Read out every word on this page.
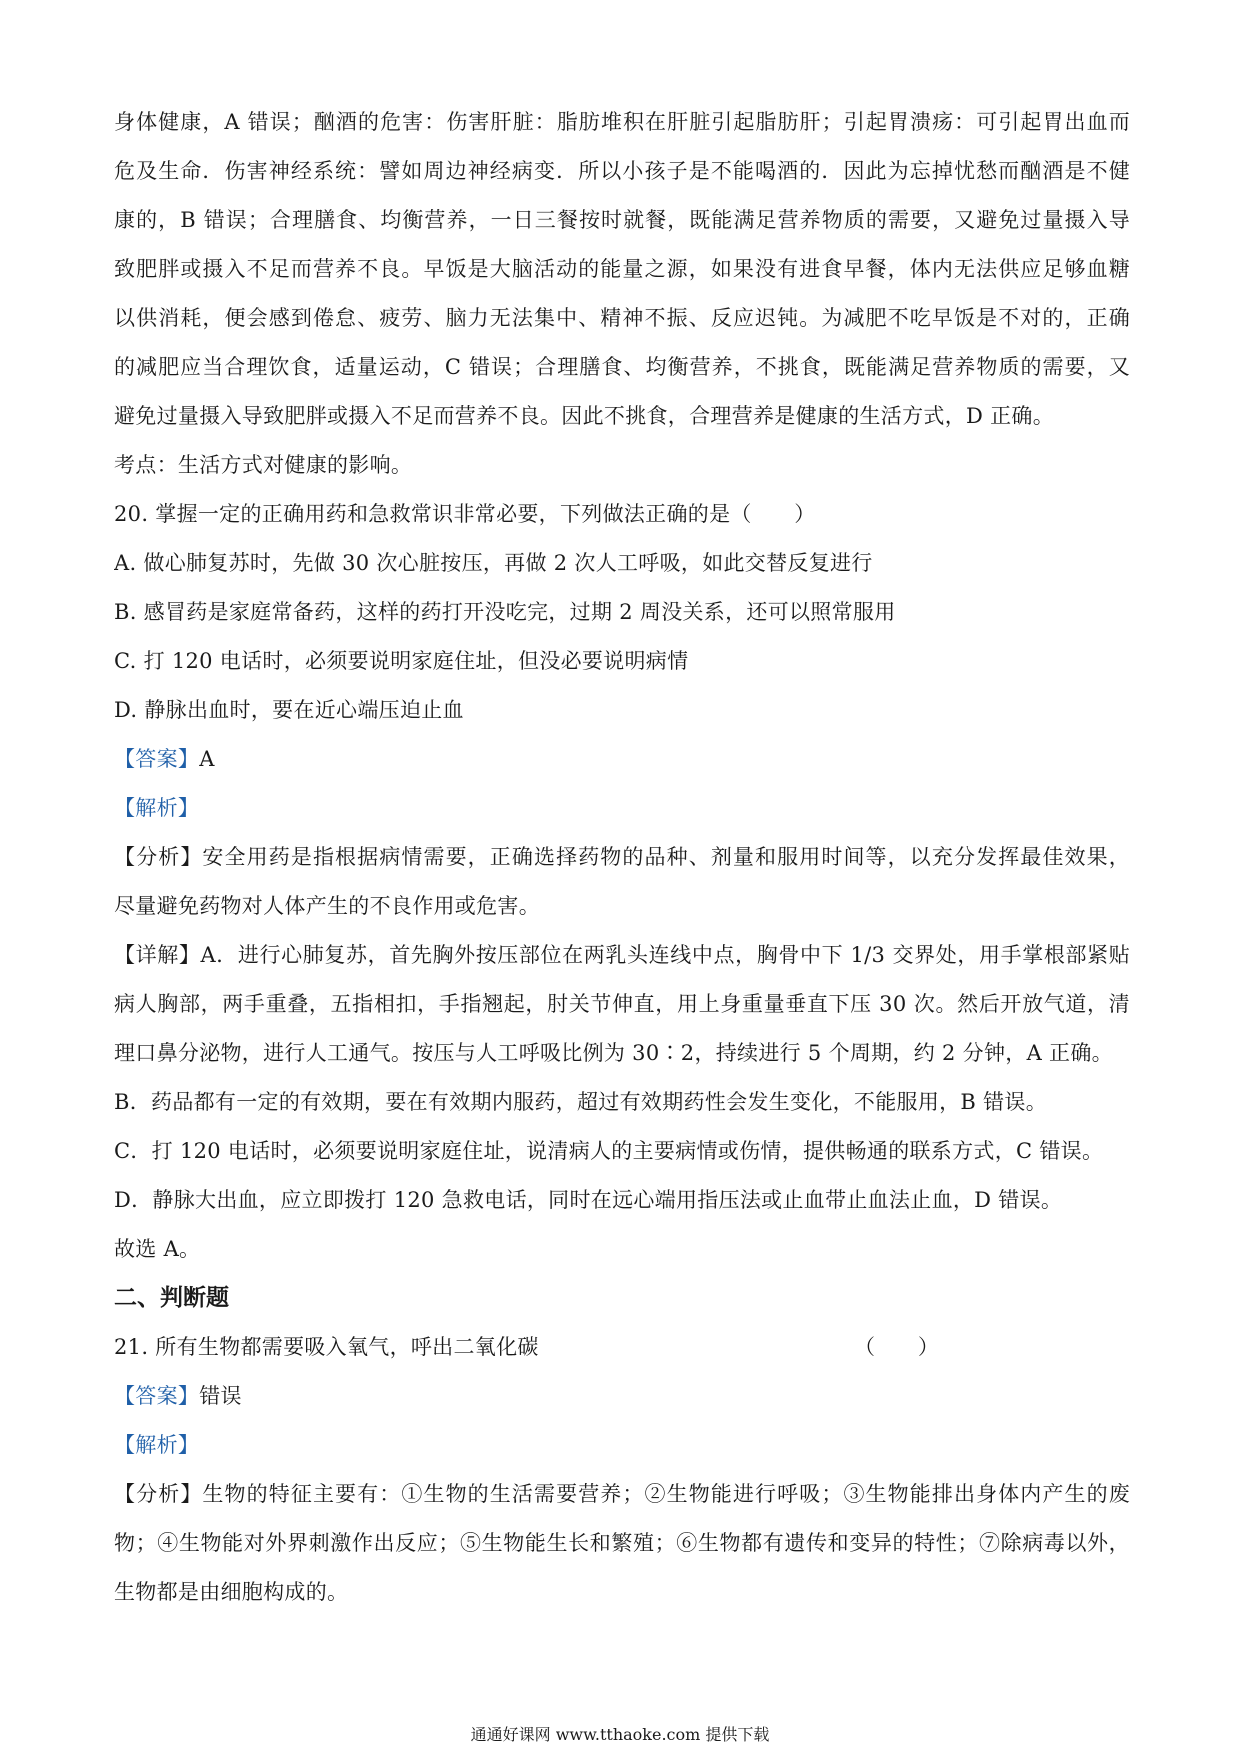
身体健康，A 错误；酗酒的危害：伤害肝脏：脂肪堆积在肝脏引起脂肪肝；引起胃溃疡：可引起胃出血而
危及生命．伤害神经系统：譬如周边神经病变．所以小孩子是不能喝酒的．因此为忘掉忧愁而酗酒是不健
康的，B 错误；合理膳食、均衡营养，一日三餐按时就餐，既能满足营养物质的需要，又避免过量摄入导
致肥胖或摄入不足而营养不良。早饭是大脑活动的能量之源，如果没有进食早餐，体内无法供应足够血糖
以供消耗，便会感到倦怠、疲劳、脑力无法集中、精神不振、反应迟钝。为减肥不吃早饭是不对的，正确
的减肥应当合理饮食，适量运动，C 错误；合理膳食、均衡营养，不挑食，既能满足营养物质的需要，又
避免过量摄入导致肥胖或摄入不足而营养不良。因此不挑食，合理营养是健康的生活方式，D 正确。
考点：生活方式对健康的影响。
20. 掌握一定的正确用药和急救常识非常必要，下列做法正确的是（　　）
A. 做心肺复苏时，先做 30 次心脏按压，再做 2 次人工呼吸，如此交替反复进行
B. 感冒药是家庭常备药，这样的药打开没吃完，过期 2 周没关系，还可以照常服用
C. 打 120 电话时，必须要说明家庭住址，但没必要说明病情
D. 静脉出血时，要在近心端压迫止血
【答案】A
【解析】
【分析】安全用药是指根据病情需要，正确选择药物的品种、剂量和服用时间等，以充分发挥最佳效果，
尽量避免药物对人体产生的不良作用或危害。
【详解】A．进行心肺复苏，首先胸外按压部位在两乳头连线中点，胸骨中下 1/3 交界处，用手掌根部紧贴
病人胸部，两手重叠，五指相扣，手指翘起，肘关节伸直，用上身重量垂直下压 30 次。然后开放气道，清
理口鼻分泌物，进行人工通气。按压与人工呼吸比例为 30∶2，持续进行 5 个周期，约 2 分钟，A 正确。
B．药品都有一定的有效期，要在有效期内服药，超过有效期药性会发生变化，不能服用，B 错误。
C．打 120 电话时，必须要说明家庭住址，说清病人的主要病情或伤情，提供畅通的联系方式，C 错误。
D．静脉大出血，应立即拨打 120 急救电话，同时在远心端用指压法或止血带止血法止血，D 错误。
故选 A。
二、判断题
21. 所有生物都需要吸入氧气，呼出二氧化碳	（　　）
【答案】错误
【解析】
【分析】生物的特征主要有：①生物的生活需要营养；②生物能进行呼吸；③生物能排出身体内产生的废
物；④生物能对外界刺激作出反应；⑤生物能生长和繁殖；⑥生物都有遗传和变异的特性；⑦除病毒以外，
生物都是由细胞构成的。
通通好课网 www.tthaoke.com 提供下载
